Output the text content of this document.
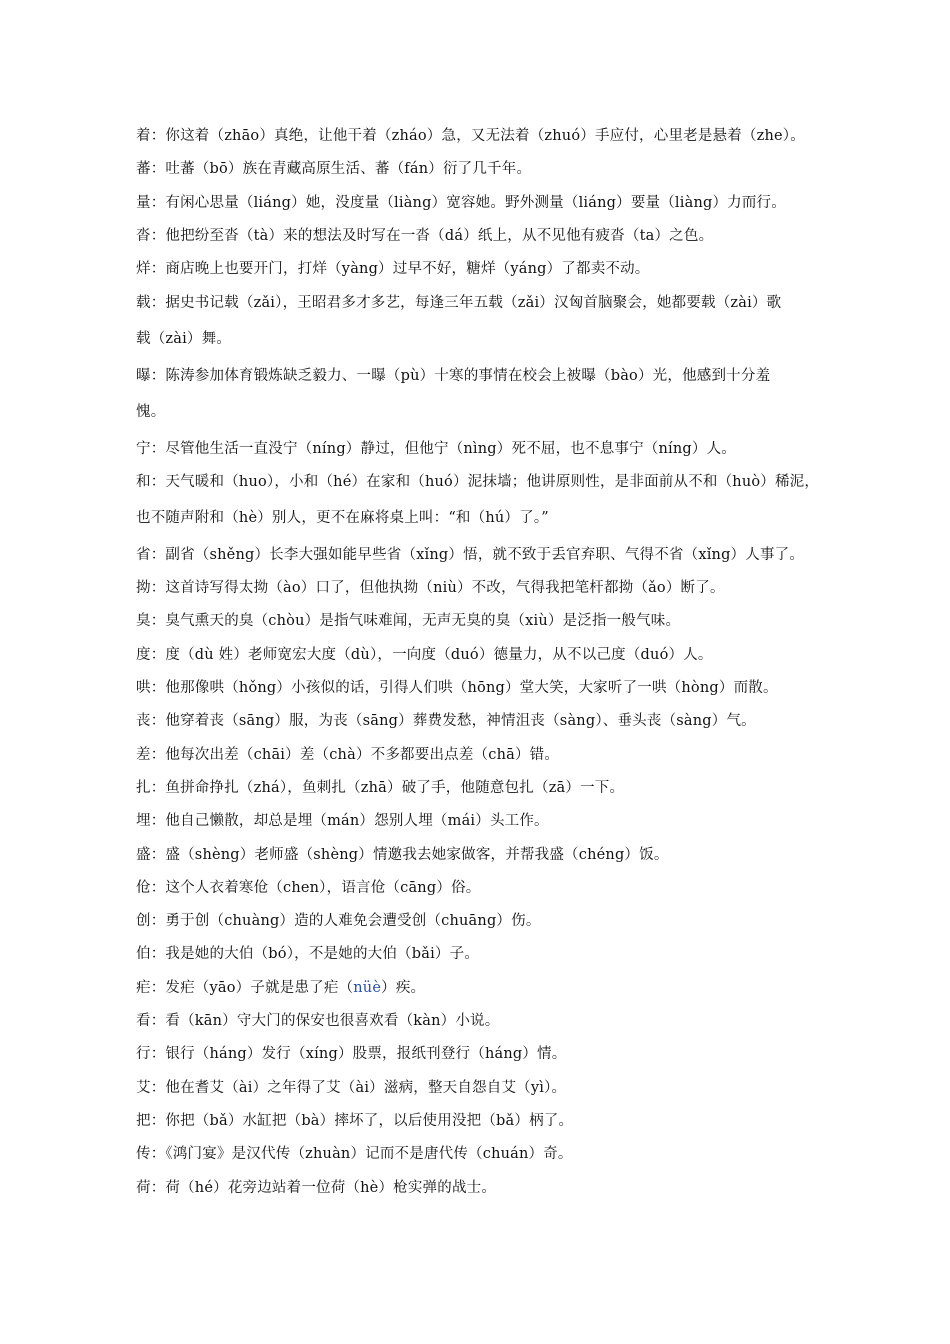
着：你这着（zhāo）真绝，让他干着（zháo）急，又无法着（zhuó）手应付，心里老是悬着（zhe）。
蕃：吐蕃（bō）族在青藏高原生活、蕃（fán）衍了几千年。
量：有闲心思量（liáng）她，没度量（liàng）宽容她。野外测量（liáng）要量（liàng）力而行。
沓：他把纷至沓（tà）来的想法及时写在一沓（dá）纸上，从不见他有疲沓（ta）之色。
烊：商店晚上也要开门，打烊（yàng）过早不好，糖烊（yáng）了都卖不动。
载：据史书记载（zǎi），王昭君多才多艺，每逢三年五载（zǎi）汉匈首脑聚会，她都要载（zài）歌
载（zài）舞。
曝：陈涛参加体育锻炼缺乏毅力、一曝（pù）十寒的事情在校会上被曝（bào）光，他感到十分羞
愧。
宁：尽管他生活一直没宁（níng）静过，但他宁（nìng）死不屈，也不息事宁（níng）人。
和：天气暖和（huo），小和（hé）在家和（huó）泥抹墙；他讲原则性，是非面前从不和（huò）稀泥，
也不随声附和（hè）别人，更不在麻将桌上叫：“和（hú）了。”
省：副省（shěng）长李大强如能早些省（xǐng）悟，就不致于丢官弃职、气得不省（xǐng）人事了。
拗：这首诗写得太拗（ào）口了，但他执拗（niù）不改，气得我把笔杆都拗（ǎo）断了。
臭：臭气熏天的臭（chòu）是指气味难闻，无声无臭的臭（xiù）是泛指一般气味。
度：度（dù 姓）老师宽宏大度（dù），一向度（duó）德量力，从不以己度（duó）人。
哄：他那像哄（hǒng）小孩似的话，引得人们哄（hōng）堂大笑，大家听了一哄（hòng）而散。
丧：他穿着丧（sāng）服，为丧（sāng）葬费发愁，神情沮丧（sàng）、垂头丧（sàng）气。
差：他每次出差（chāi）差（chà）不多都要出点差（chā）错。
扎：鱼拼命挣扎（zhá），鱼刺扎（zhā）破了手，他随意包扎（zā）一下。
埋：他自己懒散，却总是埋（mán）怨别人埋（mái）头工作。
盛：盛（shèng）老师盛（shèng）情邀我去她家做客，并帮我盛（chéng）饭。
伧：这个人衣着寒伧（chen），语言伧（cāng）俗。
创：勇于创（chuàng）造的人难免会遭受创（chuāng）伤。
伯：我是她的大伯（bó），不是她的大伯（bǎi）子。
疟：发疟（yāo）子就是患了疟（nüè）疾。
看：看（kān）守大门的保安也很喜欢看（kàn）小说。
行：银行（háng）发行（xíng）股票，报纸刊登行（háng）情。
艾：他在耆艾（ài）之年得了艾（ài）滋病，整天自怨自艾（yì）。
把：你把（bǎ）水缸把（bà）摔坏了，以后使用没把（bǎ）柄了。
传：《鸿门宴》是汉代传（zhuàn）记而不是唐代传（chuán）奇。
荷：荷（hé）花旁边站着一位荷（hè）枪实弹的战士。
